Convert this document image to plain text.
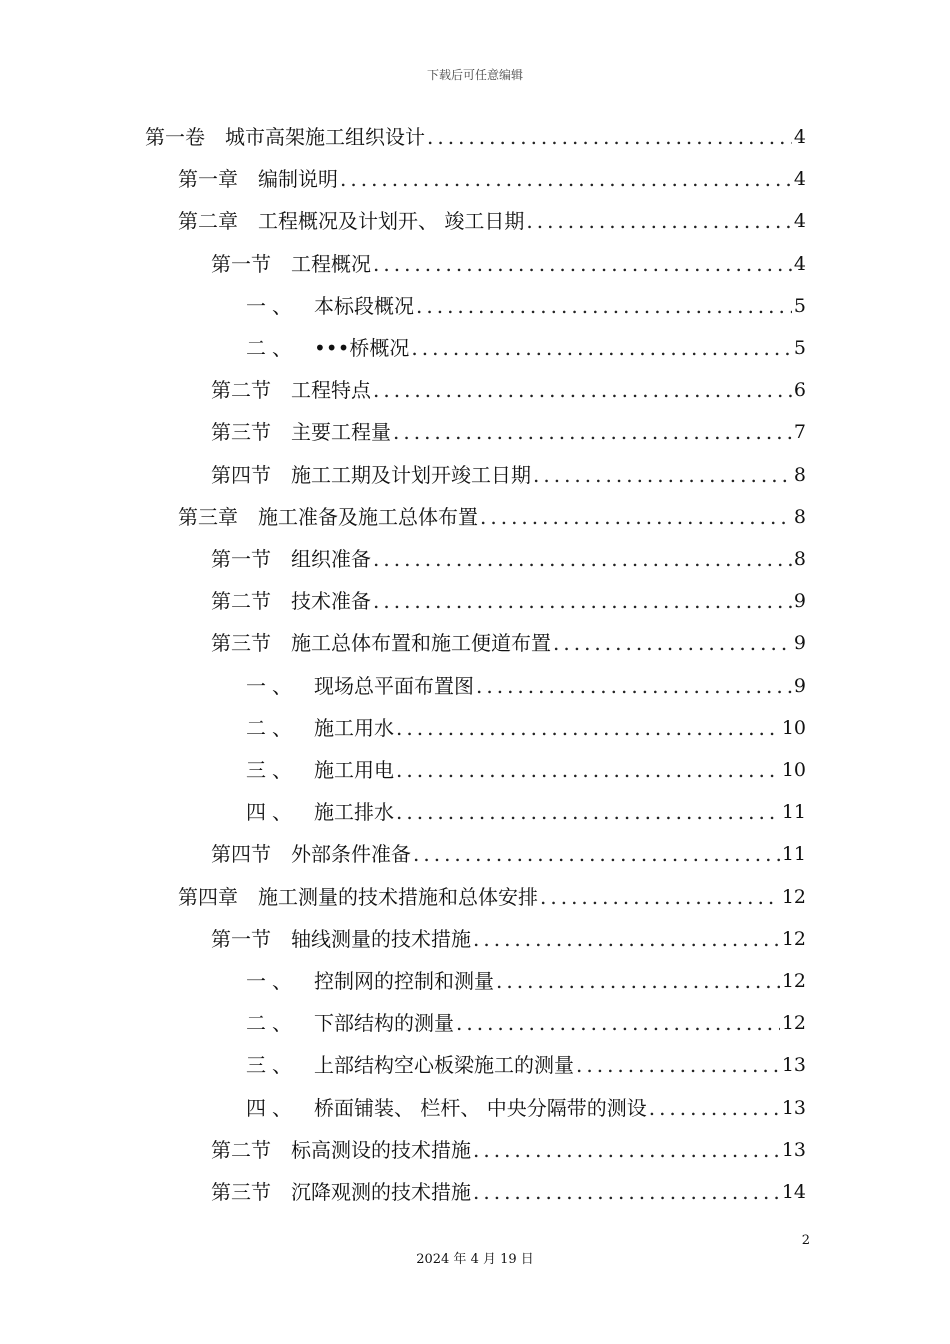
下载后可任意编辑
第一卷	城市高架施工组织设计 .....	4
第一章	编制说明 .....	4
第二章	工程概况及计划开、 竣工日期 .....	4
第一节	工程概况 .....	4
一、 本标段概况 .....	5
二、 •••桥概况 .....	5
第二节	工程特点 .....	6
第三节	主要工程量 .....	7
第四节	施工工期及计划开竣工日期 .....	8
第三章	施工准备及施工总体布置 .....	8
第一节	组织准备 .....	8
第二节	技术准备 .....	9
第三节	施工总体布置和施工便道布置 .....	9
一、 现场总平面布置图 .....	9
二、 施工用水 .....	10
三、 施工用电 .....	10
四、 施工排水 .....	11
第四节	外部条件准备 .....	11
第四章	施工测量的技术措施和总体安排 .....	12
第一节	轴线测量的技术措施 .....	12
一、 控制网的控制和测量 .....	12
二、 下部结构的测量 .....	12
三、 上部结构空心板梁施工的测量 .....	13
四、 桥面铺装、 栏杆、 中央分隔带的测设 .....	13
第二节	标高测设的技术措施 .....	13
第三节	沉降观测的技术措施 .....	14
2
2024 年 4 月 19 日
